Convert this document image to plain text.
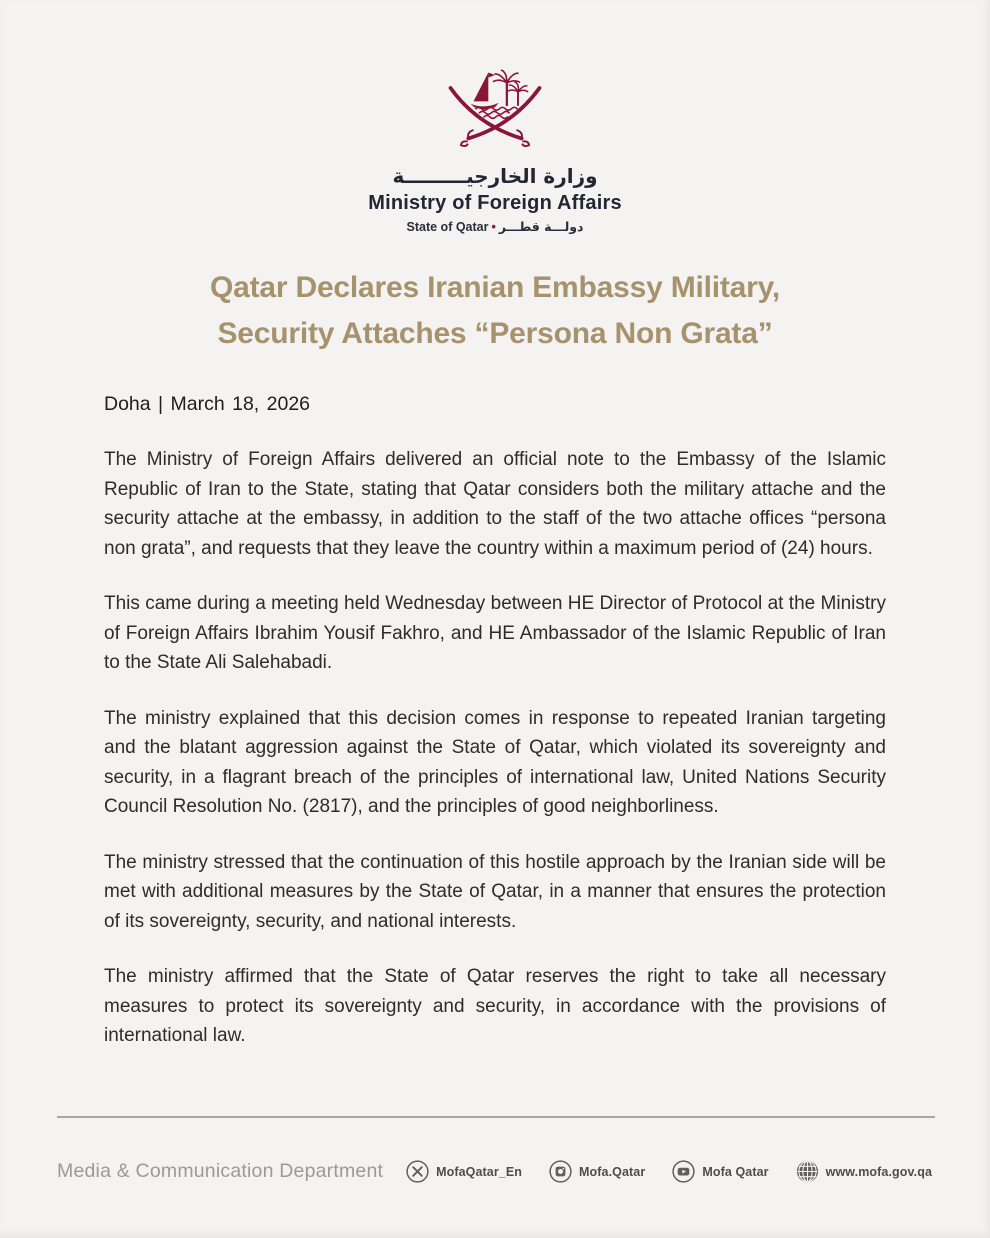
وزارة الخارجيـــــــــة
Ministry of Foreign Affairs
State of Qatar • دولـــة قطـــر
Qatar Declares Iranian Embassy Military,
Security Attaches “Persona Non Grata”
Doha | March 18, 2026

The Ministry of Foreign Affairs delivered an official note to the Embassy of the Islamic Republic of Iran to the State, stating that Qatar considers both the military attache and the security attache at the embassy, in addition to the staff of the two attache offices “persona non grata”, and requests that they leave the country within a maximum period of (24) hours.

This came during a meeting held Wednesday between HE Director of Protocol at the Ministry of Foreign Affairs Ibrahim Yousif Fakhro, and HE Ambassador of the Islamic Republic of Iran to the State Ali Salehabadi.

The ministry explained that this decision comes in response to repeated Iranian targeting and the blatant aggression against the State of Qatar, which violated its sovereignty and security, in a flagrant breach of the principles of international law, United Nations Security Council Resolution No. (2817), and the principles of good neighborliness.

The ministry stressed that the continuation of this hostile approach by the Iranian side will be met with additional measures by the State of Qatar, in a manner that ensures the protection of its sovereignty, security, and national interests.

The ministry affirmed that the State of Qatar reserves the right to take all necessary measures to protect its sovereignty and security, in accordance with the provisions of international law.

Media & Communication Department	MofaQatar_En	Mofa.Qatar	Mofa Qatar	www.mofa.gov.qa
